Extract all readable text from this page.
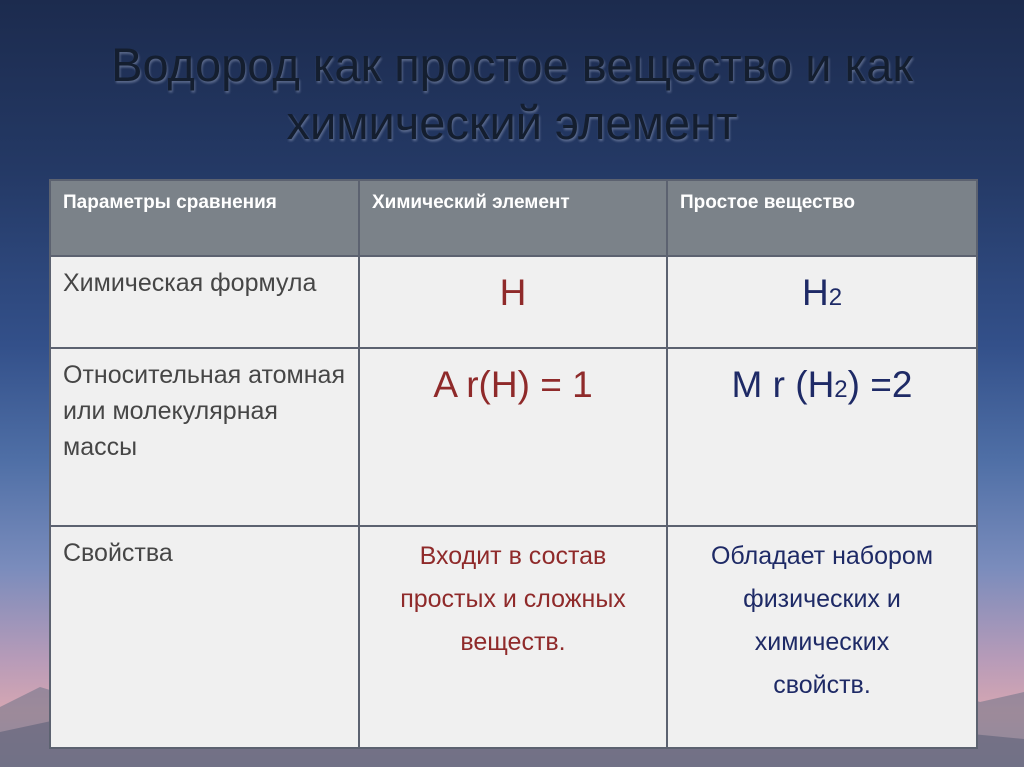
Водород как простое вещество и как химический элемент
Параметры сравнения	Химический элемент	Простое вещество
Химическая формула	H	H2
Относительная атомная или молекулярная массы	A r(H) = 1	M r (H2) =2
Свойства	Входит в состав простых и сложных веществ.	Обладает набором физических и химических свойств.
